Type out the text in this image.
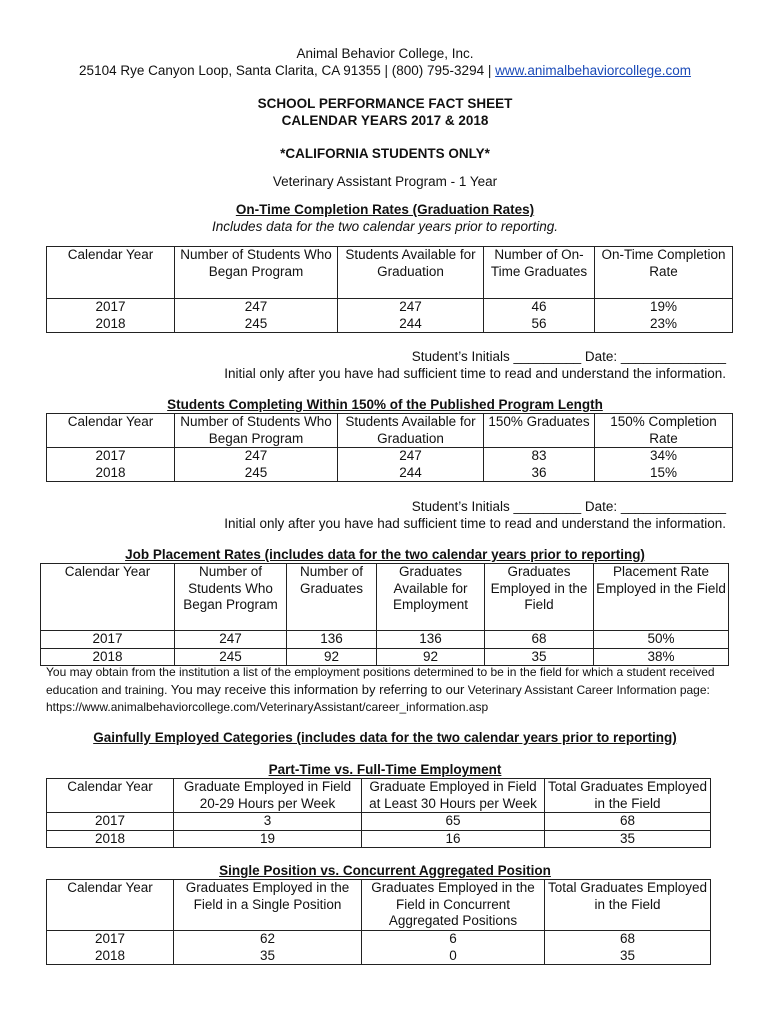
Animal Behavior College, Inc.
25104 Rye Canyon Loop, Santa Clarita, CA 91355 | (800) 795-3294 | www.animalbehaviorcollege.com
SCHOOL PERFORMANCE FACT SHEET
CALENDAR YEARS 2017 & 2018
*CALIFORNIA STUDENTS ONLY*
Veterinary Assistant Program - 1 Year
On-Time Completion Rates (Graduation Rates)
Includes data for the two calendar years prior to reporting.
Calendar Year	Number of Students Who Began Program	Students Available for Graduation	Number of On-Time Graduates	On-Time Completion Rate
2017	247	247	46	19%
2018	245	244	56	23%
Student’s Initials _________ Date: ______________
Initial only after you have had sufficient time to read and understand the information.
Students Completing Within 150% of the Published Program Length
Calendar Year	Number of Students Who Began Program	Students Available for Graduation	150% Graduates	150% Completion Rate
2017	247	247	83	34%
2018	245	244	36	15%
Student’s Initials _________ Date: ______________
Initial only after you have had sufficient time to read and understand the information.
Job Placement Rates (includes data for the two calendar years prior to reporting)
Calendar Year	Number of Students Who Began Program	Number of Graduates	Graduates Available for Employment	Graduates Employed in the Field	Placement Rate Employed in the Field
2017	247	136	136	68	50%
2018	245	92	92	35	38%
You may obtain from the institution a list of the employment positions determined to be in the field for which a student received education and training. You may receive this information by referring to our Veterinary Assistant Career Information page: https://www.animalbehaviorcollege.com/VeterinaryAssistant/career_information.asp
Gainfully Employed Categories (includes data for the two calendar years prior to reporting)
Part-Time vs. Full-Time Employment
Calendar Year	Graduate Employed in Field 20-29 Hours per Week	Graduate Employed in Field at Least 30 Hours per Week	Total Graduates Employed in the Field
2017	3	65	68
2018	19	16	35
Single Position vs. Concurrent Aggregated Position
Calendar Year	Graduates Employed in the Field in a Single Position	Graduates Employed in the Field in Concurrent Aggregated Positions	Total Graduates Employed in the Field
2017	62	6	68
2018	35	0	35
